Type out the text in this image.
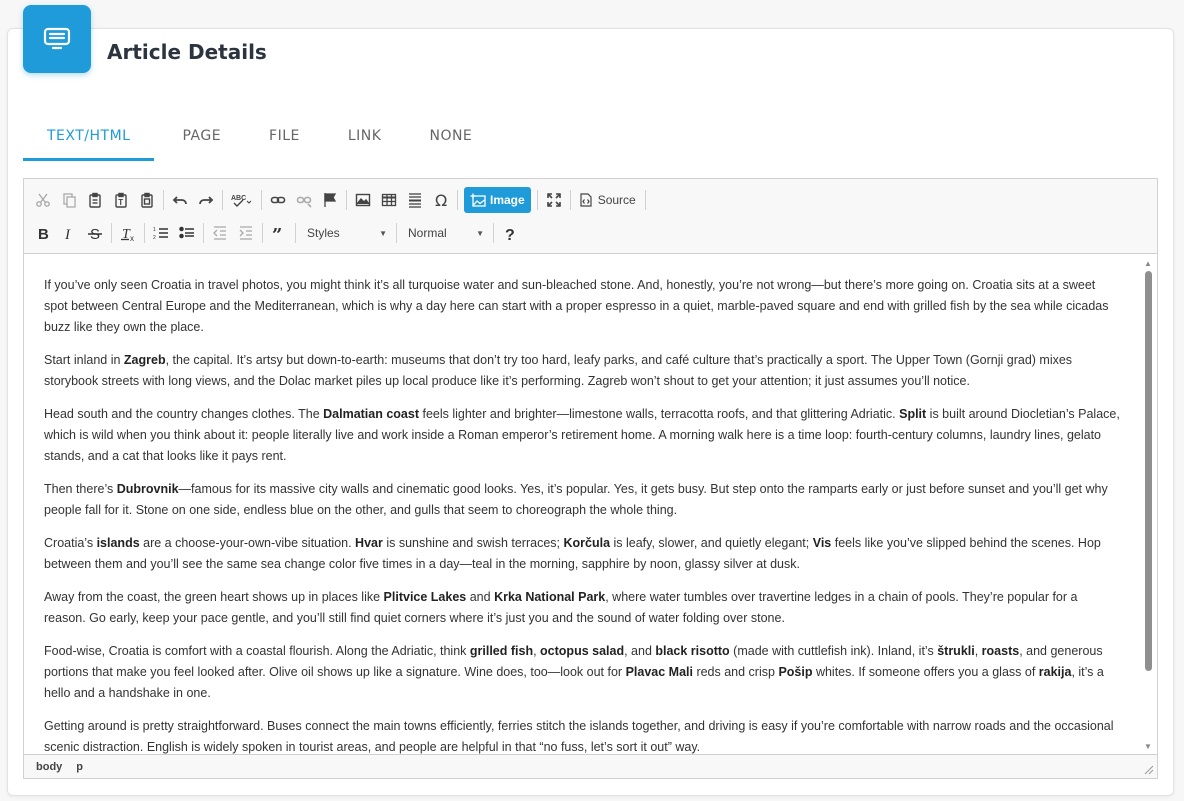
Article Details
TEXT/HTML	PAGE	FILE	LINK	NONE
T	ABC	Ω	Image	Source
B I S T x
1
2	” Styles	▼ Normal	▼ ?

If you’ve only seen Croatia in travel photos, you might think it’s all turquoise water and sun-bleached stone. And, honestly, you’re not wrong—but there’s more going on. Croatia sits at a sweet spot between Central Europe and the Mediterranean, which is why a day here can start with a proper espresso in a quiet, marble-paved square and end with grilled fish by the sea while cicadas buzz like they own the place.

Start inland in Zagreb, the capital. It’s artsy but down-to-earth: museums that don’t try too hard, leafy parks, and café culture that’s practically a sport. The Upper Town (Gornji grad) mixes storybook streets with long views, and the Dolac market piles up local produce like it’s performing. Zagreb won’t shout to get your attention; it just assumes you’ll notice.

Head south and the country changes clothes. The Dalmatian coast feels lighter and brighter—limestone walls, terracotta roofs, and that glittering Adriatic. Split is built around Diocletian’s Palace, which is wild when you think about it: people literally live and work inside a Roman emperor’s retirement home. A morning walk here is a time loop: fourth-century columns, laundry lines, gelato stands, and a cat that looks like it pays rent.

Then there’s Dubrovnik—famous for its massive city walls and cinematic good looks. Yes, it’s popular. Yes, it gets busy. But step onto the ramparts early or just before sunset and you’ll get why people fall for it. Stone on one side, endless blue on the other, and gulls that seem to choreograph the whole thing.

Croatia’s islands are a choose-your-own-vibe situation. Hvar is sunshine and swish terraces; Korčula is leafy, slower, and quietly elegant; Vis feels like you’ve slipped behind the scenes. Hop between them and you’ll see the same sea change color five times in a day—teal in the morning, sapphire by noon, glassy silver at dusk.

Away from the coast, the green heart shows up in places like Plitvice Lakes and Krka National Park, where water tumbles over travertine ledges in a chain of pools. They’re popular for a reason. Go early, keep your pace gentle, and you’ll still find quiet corners where it’s just you and the sound of water folding over stone.

Food-wise, Croatia is comfort with a coastal flourish. Along the Adriatic, think grilled fish, octopus salad, and black risotto (made with cuttlefish ink). Inland, it’s štrukli, roasts, and generous portions that make you feel looked after. Olive oil shows up like a signature. Wine does, too—look out for Plavac Mali reds and crisp Pošip whites. If someone offers you a glass of rakija, it’s a hello and a handshake in one.

Getting around is pretty straightforward. Buses connect the main towns efficiently, ferries stitch the islands together, and driving is easy if you’re comfortable with narrow roads and the occasional scenic distraction. English is widely spoken in tourist areas, and people are helpful in that “no fuss, let’s sort it out” way.

▲
▼
body p
